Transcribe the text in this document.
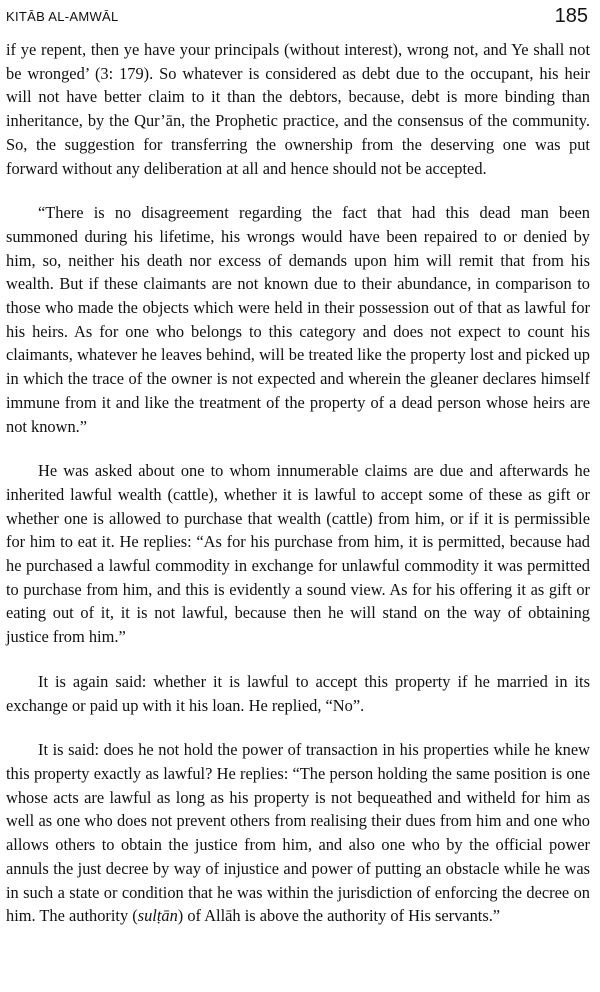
KITĀB AL-AMWĀL	185

if ye repent, then ye have your principals (without interest), wrong not, and Ye shall not be wronged’ (3: 179). So whatever is considered as debt due to the occupant, his heir will not have better claim to it than the debtors, because, debt is more binding than inheritance, by the Qur’ān, the Prophetic practice, and the consensus of the community. So, the suggestion for transferring the ownership from the deserving one was put forward without any deliberation at all and hence should not be accepted.

“There is no disagreement regarding the fact that had this dead man been summoned during his lifetime, his wrongs would have been repaired to or denied by him, so, neither his death nor excess of demands upon him will remit that from his wealth. But if these claimants are not known due to their abundance, in comparison to those who made the objects which were held in their possession out of that as lawful for his heirs. As for one who belongs to this category and does not expect to count his claimants, whatever he leaves behind, will be treated like the property lost and picked up in which the trace of the owner is not expected and wherein the gleaner declares himself immune from it and like the treatment of the property of a dead person whose heirs are not known.”

He was asked about one to whom innumerable claims are due and afterwards he inherited lawful wealth (cattle), whether it is lawful to accept some of these as gift or whether one is allowed to purchase that wealth (cattle) from him, or if it is permissible for him to eat it. He replies: “As for his purchase from him, it is permitted, because had he purchased a lawful commodity in exchange for unlawful commodity it was permitted to purchase from him, and this is evidently a sound view. As for his offering it as gift or eating out of it, it is not lawful, because then he will stand on the way of obtaining justice from him.”

It is again said: whether it is lawful to accept this property if he married in its exchange or paid up with it his loan. He replied, “No”.

It is said: does he not hold the power of transaction in his properties while he knew this property exactly as lawful? He replies: “The person holding the same position is one whose acts are lawful as long as his property is not bequeathed and witheld for him as well as one who does not prevent others from realising their dues from him and one who allows others to obtain the justice from him, and also one who by the official power annuls the just decree by way of injustice and power of putting an obstacle while he was in such a state or condition that he was within the jurisdiction of enforcing the decree on him. The authority (sulṭān) of Allāh is above the authority of His servants.”
